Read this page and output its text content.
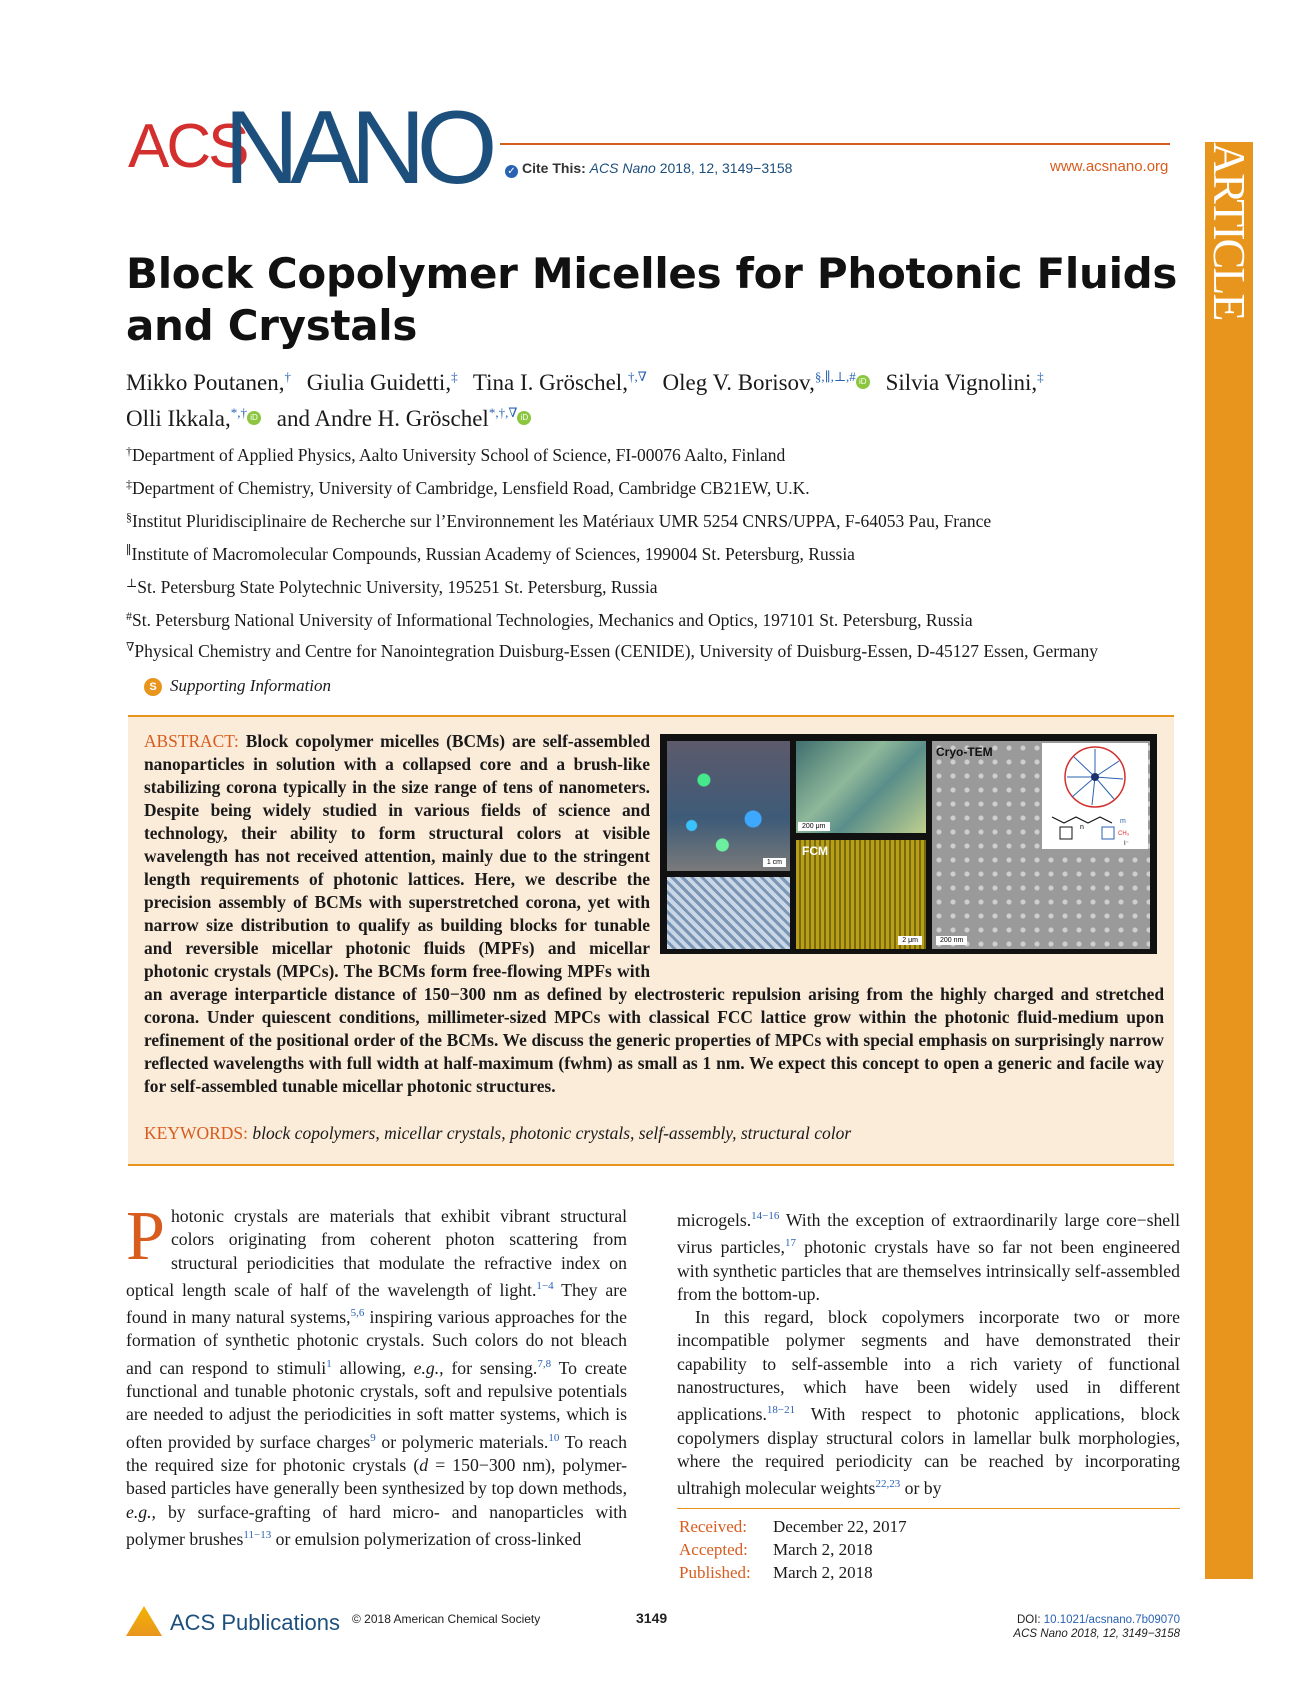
ACS
NANO ✓ Cite This: ACS Nano 2018, 12, 3149−3158	www.acsnano.org ARTICLE
Block Copolymer Micelles for Photonic Fluids and Crystals
Mikko Poutanen,† Giulia Guidetti,‡ Tina I. Gröschel,†,∇ Oleg V. Borisov,§,∥,⊥,# iD Silvia Vignolini,‡
Olli Ikkala,*,† iD and Andre H. Gröschel*,†,∇ iD

†Department of Applied Physics, Aalto University School of Science, FI-00076 Aalto, Finland

‡Department of Chemistry, University of Cambridge, Lensfield Road, Cambridge CB21EW, U.K.

§Institut Pluridisciplinaire de Recherche sur l’Environnement les Matériaux UMR 5254 CNRS/UPPA, F-64053 Pau, France

∥Institute of Macromolecular Compounds, Russian Academy of Sciences, 199004 St. Petersburg, Russia

⊥St. Petersburg State Polytechnic University, 195251 St. Petersburg, Russia

#St. Petersburg National University of Informational Technologies, Mechanics and Optics, 197101 St. Petersburg, Russia

∇Physical Chemistry and Centre for Nanointegration Duisburg-Essen (CENIDE), University of Duisburg-Essen, D-45127 Essen, Germany

S Supporting Information
ABSTRACT: Block copolymer micelles (BCMs) are self-assembled nanoparticles in solution with a collapsed core and a brush-like stabilizing corona typically in the size range of tens of nanometers. Despite being widely studied in various fields of science and technology, their ability to form structural colors at visible wavelength has not received attention, mainly due to the stringent length requirements of photonic lattices. Here, we describe the precision assembly of BCMs with superstretched corona, yet with narrow size distribution to qualify as building blocks for tunable and reversible micellar photonic fluids (MPFs) and micellar photonic crystals (MPCs). The BCMs form free-flowing MPFs with an average interparticle distance of 150−300 nm as defined by electrosteric repulsion arising from the highly charged and stretched corona. Under quiescent conditions, millimeter-sized MPCs with classical FCC lattice grow within the photonic fluid-medium upon refinement of the positional order of the BCMs. We discuss the generic properties of MPCs with special emphasis on surprisingly narrow reflected wavelengths with full width at half-maximum (fwhm) as small as 1 nm. We expect this concept to open a generic and facile way for self-assembled tunable micellar photonic structures.
1 cm
200 μm
FCM
2 μm
Cryo-TEM
200 nm
n
m
CH₃
I⁻
KEYWORDS: block copolymers, micellar crystals, photonic crystals, self-assembly, structural color
Photonic crystals are materials that exhibit vibrant structural colors originating from coherent photon scattering from structural periodicities that modulate the refractive index on optical length scale of half of the wavelength of light.$^{1-4}$ They are found in many natural systems,$^{5,6}$ inspiring various approaches for the formation of synthetic photonic crystals. Such colors do not bleach and can respond to stimuli$^1$ allowing, e.g., for sensing.$^{7,8}$ To create functional and tunable photonic crystals, soft and repulsive potentials are needed to adjust the periodicities in soft matter systems, which is often provided by surface charges$^9$ or polymeric materials.$^{10}$ To reach the required size for photonic crystals (d = 150−300 nm), polymer-based particles have generally been synthesized by top down methods, e.g., by surface-grafting of hard micro- and nanoparticles with polymer brushes$^{11-13}$ or emulsion polymerization of cross-linked

microgels.$^{14-16}$ With the exception of extraordinarily large core−shell virus particles,$^{17}$ photonic crystals have so far not been engineered with synthetic particles that are themselves intrinsically self-assembled from the bottom-up.

In this regard, block copolymers incorporate two or more incompatible polymer segments and have demonstrated their capability to self-assemble into a rich variety of functional nanostructures, which have been widely used in different applications.$^{18-21}$ With respect to photonic applications, block copolymers display structural colors in lamellar bulk morphologies, where the required periodicity can be reached by incorporating ultrahigh molecular weights$^{22,23}$ or by

Received: December 22, 2017
Accepted: March 2, 2018
Published: March 2, 2018
ACS Publications © 2018 American Chemical Society	3149	DOI: 10.1021/acsnano.7b09070
ACS Nano 2018, 12, 3149−3158
